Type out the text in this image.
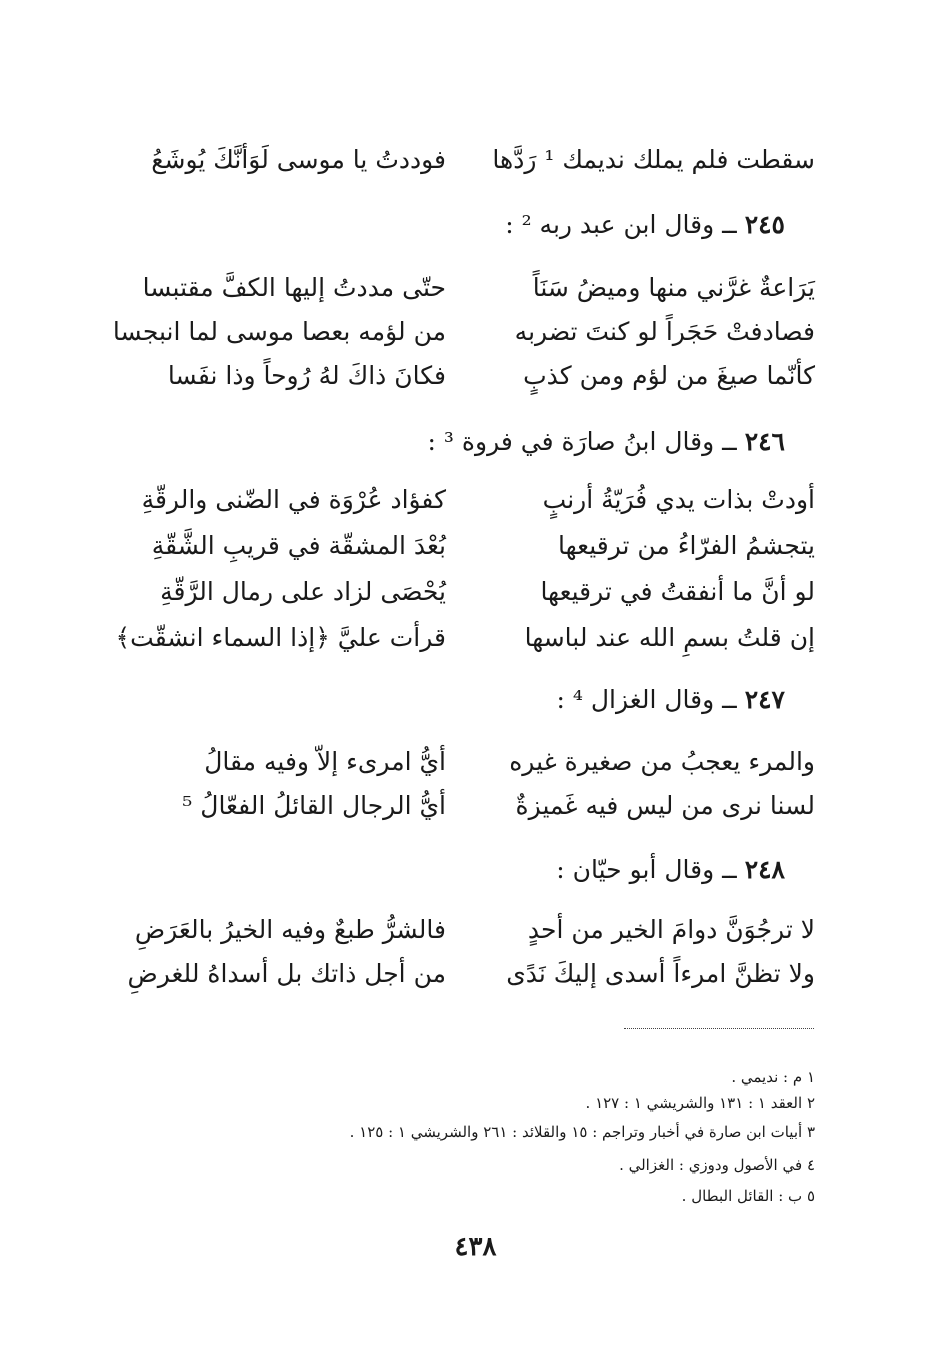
سقطت فلم يملك نديمك ¹ رَدَّها
فوددتُ يا موسى لَوَأنَّكَ يُوشَعُ
٢٤٥ ــ وقال ابن عبد ربه ² :
يَرَاعةٌ غرَّني منها وميضُ سَنَاً
حتّى مددتُ إليها الكفَّ مقتبسا
فصادفتْ حَجَراً لو كنتَ تضربه
من لؤمه بعصا موسى لما انبجسا
كأنّما صيغَ من لؤم ومن كذبٍ
فكانَ ذاكَ لهُ رُوحاً وذا نفَسا
٢٤٦ ــ وقال ابنُ صارَة في فروة ³ :
أودتْ بذات يدي فُرَيّةُ أرنبٍ
كفؤاد عُرْوَة في الضّنى والرقّةِ
يتجشمُ الفرّاءُ من ترقيعها
بُعْدَ المشقّة في قريبِ الشَّقّةِ
لو أنَّ ما أنفقتُ في ترقيعها
يُحْصَى لزاد على رمال الرَّقّةِ
إن قلتُ بسمِ الله عند لباسها
قرأت عليَّ ﴿إذا السماء انشقّت﴾
٢٤٧ ــ وقال الغزال ⁴ :
والمرء يعجبُ من صغيرة غيره
أيُّ امرىء إلاّ وفيه مقالُ
لسنا نرى من ليس فيه غَميزةٌ
أيُّ الرجال القائلُ الفعّالُ ⁵
٢٤٨ ــ وقال أبو حيّان :
لا ترجُوَنَّ دوامَ الخير من أحدٍ
فالشرُّ طبعٌ وفيه الخيرُ بالعَرَضِ
ولا تظنَّ امرءاً أسدى إليكَ نَدًى
من أجل ذاتك بل أسداهُ للغرضِ
١ م : نديمي .
٢ العقد ١ : ١٣١ والشريشي ١ : ١٢٧ .
٣ أبيات ابن صارة في أخبار وتراجم : ١٥ والقلائد : ٢٦١ والشريشي ١ : ١٢٥ .
٤ في الأصول ودوزي : الغزالي .
٥ ب : القائل البطال .
٤٣٨
